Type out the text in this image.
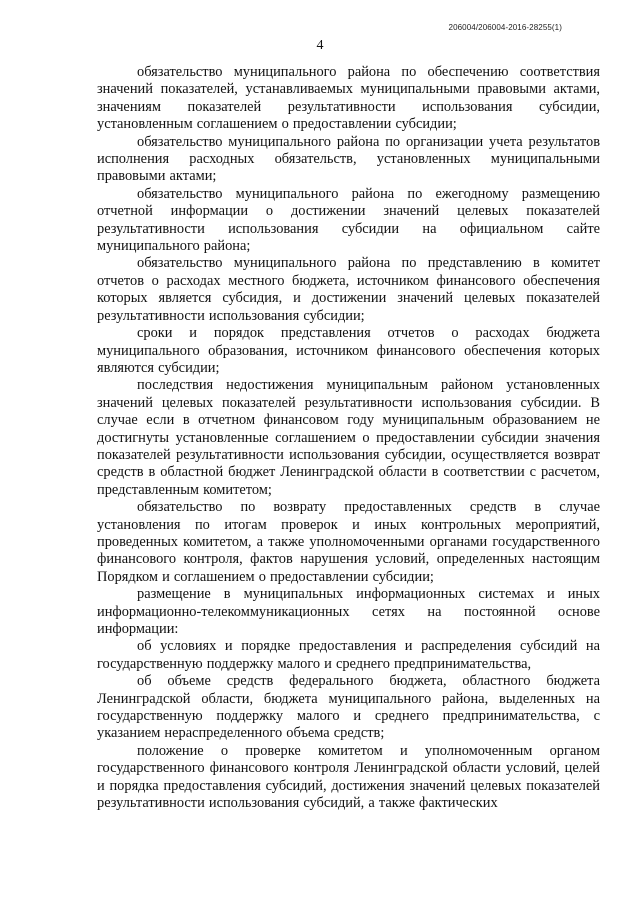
206004/206004-2016-28255(1)
4

обязательство муниципального района по обеспечению соответствия значений показателей, устанавливаемых муниципальными правовыми актами, значениям показателей результативности использования субсидии, установленным соглашением о предоставлении субсидии;

обязательство муниципального района по организации учета результатов исполнения расходных обязательств, установленных муниципальными правовыми актами;

обязательство муниципального района по ежегодному размещению отчетной информации о достижении значений целевых показателей результативности использования субсидии на официальном сайте муниципального района;

обязательство муниципального района по представлению в комитет отчетов о расходах местного бюджета, источником финансового обеспечения которых является субсидия, и достижении значений целевых показателей результативности использования субсидии;

сроки и порядок представления отчетов о расходах бюджета муниципального образования, источником финансового обеспечения которых являются субсидии;

последствия недостижения муниципальным районом установленных значений целевых показателей результативности использования субсидии. В случае если в отчетном финансовом году муниципальным образованием не достигнуты установленные соглашением о предоставлении субсидии значения показателей результативности использования субсидии, осуществляется возврат средств в областной бюджет Ленинградской области в соответствии с расчетом, представленным комитетом;

обязательство по возврату предоставленных средств в случае установления по итогам проверок и иных контрольных мероприятий, проведенных комитетом, а также уполномоченными органами государственного финансового контроля, фактов нарушения условий, определенных настоящим Порядком и соглашением о предоставлении субсидии;

размещение в муниципальных информационных системах и иных информационно-телекоммуникационных сетях на постоянной основе информации:

об условиях и порядке предоставления и распределения субсидий на государственную поддержку малого и среднего предпринимательства,

об объеме средств федерального бюджета, областного бюджета Ленинградской области, бюджета муниципального района, выделенных на государственную поддержку малого и среднего предпринимательства, с указанием нераспределенного объема средств;

положение о проверке комитетом и уполномоченным органом государственного финансового контроля Ленинградской области условий, целей и порядка предоставления субсидий, достижения значений целевых показателей результативности использования субсидий, а также фактических
